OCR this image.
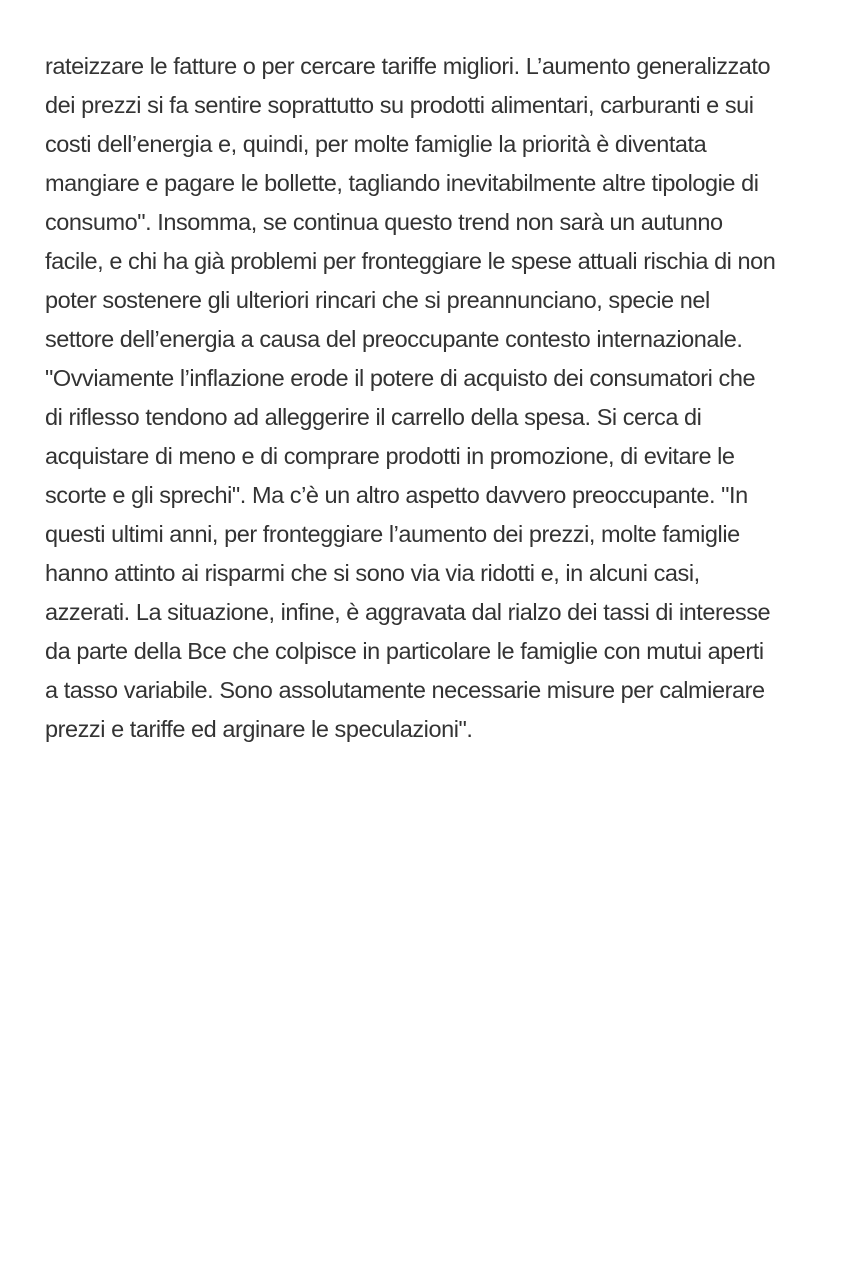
rateizzare le fatture o per cercare tariffe migliori. L’aumento generalizzato
dei prezzi si fa sentire soprattutto su prodotti alimentari, carburanti e sui
costi dell’energia e, quindi, per molte famiglie la priorità è diventata
mangiare e pagare le bollette, tagliando inevitabilmente altre tipologie di
consumo". Insomma, se continua questo trend non sarà un autunno
facile, e chi ha già problemi per fronteggiare le spese attuali rischia di non
poter sostenere gli ulteriori rincari che si preannunciano, specie nel
settore dell’energia a causa del preoccupante contesto internazionale.
"Ovviamente l’inflazione erode il potere di acquisto dei consumatori che
di riflesso tendono ad alleggerire il carrello della spesa. Si cerca di
acquistare di meno e di comprare prodotti in promozione, di evitare le
scorte e gli sprechi". Ma c’è un altro aspetto davvero preoccupante. "In
questi ultimi anni, per fronteggiare l’aumento dei prezzi, molte famiglie
hanno attinto ai risparmi che si sono via via ridotti e, in alcuni casi,
azzerati. La situazione, infine, è aggravata dal rialzo dei tassi di interesse
da parte della Bce che colpisce in particolare le famiglie con mutui aperti
a tasso variabile. Sono assolutamente necessarie misure per calmierare
prezzi e tariffe ed arginare le speculazioni".
